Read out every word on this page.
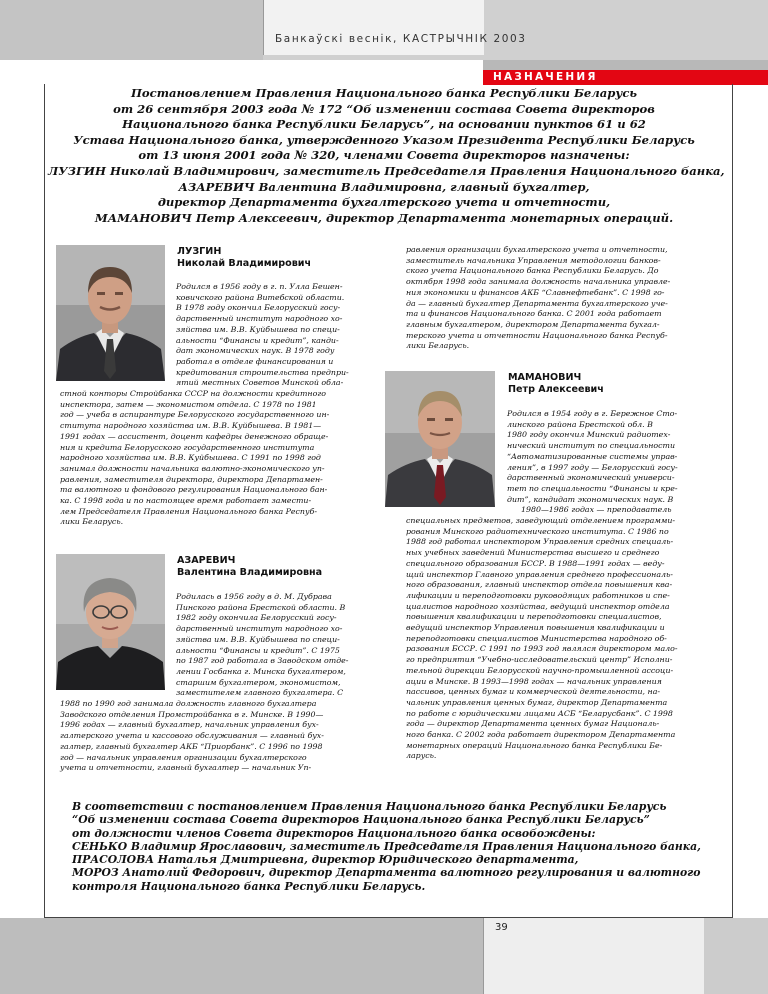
Банкаўскі веснік, КАСТРЫЧНІК 2003
НАЗНАЧЕНИЯ
Постановлением Правления Национального банка Республики Беларусь
от 26 сентября 2003 года № 172 “Об изменении состава Совета директоров
Национального банка Республики Беларусь”, на основании пунктов 61 и 62
Устава Национального банка, утвержденного Указом Президента Республики Беларусь
от 13 июня 2001 года № 320, членами Совета директоров назначены:
ЛУЗГИН Николай Владимирович, заместитель Председателя Правления Национального банка,
АЗАРЕВИЧ Валентина Владимировна, главный бухгалтер,
директор Департамента бухгалтерского учета и отчетности,
МАМАНОВИЧ Петр Алексеевич, директор Департамента монетарных операций.
ЛУЗГИН
Николай Владимирович
Родился в 1956 году в г. п. Улла Бешен-
ковичского района Витебской области.
В 1978 году окончил Белорусский госу-
дарственный институт народного хо-
зяйства им. В.В. Куйбышева по специ-
альности “Финансы и кредит”, канди-
дат экономических наук. В 1978 году
работал в отделе финансирования и
кредитования строительства предпри-
ятий местных Советов Минской обла-
стной конторы Стройбанка СССР на должности кредитного
инспектора, затем — экономистом отдела. С 1978 по 1981
год — учеба в аспирантуре Белорусского государственного ин-
ститута народного хозяйства им. В.В. Куйбышева. В 1981—
1991 годах — ассистент, доцент кафедры денежного обраще-
ния и кредита Белорусского государственного института
народного хозяйства им. В.В. Куйбышева. С 1991 по 1998 год
занимал должности начальника валютно-экономического уп-
равления, заместителя директора, директора Департамен-
та валютного и фондового регулирования Национального бан-
ка. С 1998 года и по настоящее время работает замести-
лем Председателя Правления Национального банка Респуб-
лики Беларусь.
АЗАРЕВИЧ
Валентина Владимировна
Родилась в 1956 году в д. М. Дубрава
Пинского района Брестской области. В
1982 году окончила Белорусский госу-
дарственный институт народного хо-
зяйства им. В.В. Куйбышева по специ-
альности “Финансы и кредит”. С 1975
по 1987 год работала в Заводском отде-
лении Госбанка г. Минска бухгалтером,
старшим бухгалтером, экономистом,
заместителем главного бухгалтера. С
1988 по 1990 год занимала должность главного бухгалтера
Заводского отделения Промстройбанка в г. Минске. В 1990—
1996 годах — главный бухгалтер, начальник управления бух-
галтерского учета и кассового обслуживания — главный бух-
галтер, главный бухгалтер АКБ “Приорбанк”. С 1996 по 1998
год — начальник управления организации бухгалтерского
учета и отчетности, главный бухгалтер — начальник Уп-
равления организации бухгалтерского учета и отчетности,
заместитель начальника Управления методологии банков-
ского учета Национального банка Республики Беларусь. До
октября 1998 года занимала должность начальника управле-
ния экономики и финансов АКБ “Славнефтебанк”. С 1998 го-
да — главный бухгалтер Департамента бухгалтерского уче-
та и финансов Национального банка. С 2001 года работает
главным бухгалтером, директором Департамента бухгал-
терского учета и отчетности Национального банка Респуб-
лики Беларусь.
МАМАНОВИЧ
Петр Алексеевич
Родился в 1954 году в г. Бережное Сто-
линского района Брестской обл. В
1980 году окончил Минский радиотех-
нический институт по специальности
“Автоматизированные системы управ-
ления”, в 1997 году — Белорусский госу-
дарственный экономический универси-
тет по специальности “Финансы и кре-
дит”, кандидат экономических наук. В
1980—1986 годах — преподаватель
специальных предметов, заведующий отделением программи-
рования Минского радиотехнического института. С 1986 по
1988 год работал инспектором Управления средних специаль-
ных учебных заведений Министерства высшего и среднего
специального образования БССР. В 1988—1991 годах — веду-
щий инспектор Главного управления среднего профессиональ-
ного образования, главный инспектор отдела повышения ква-
лификации и переподготовки руководящих работников и спе-
циалистов народного хозяйства, ведущий инспектор отдела
повышения квалификации и переподготовки специалистов,
ведущий инспектор Управления повышения квалификации и
переподготовки специалистов Министерства народного об-
разования БССР. С 1991 по 1993 год являлся директором мало-
го предприятия “Учебно-исследовательский центр” Исполни-
тельной дирекции Белорусской научно-промышленной ассоци-
ации в Минске. В 1993—1998 годах — начальник управления
пассивов, ценных бумаг и коммерческой деятельности, на-
чальник управления ценных бумаг, директор Департамента
по работе с юридическими лицами АСБ “Беларусбанк”. С 1998
года — директор Департамента ценных бумаг Националь-
ного банка. С 2002 года работает директором Департамента
монетарных операций Национального банка Республики Бе-
ларусь.
В соответствии с постановлением Правления Национального банка Республики Беларусь
“Об изменении состава Совета директоров Национального банка Республики Беларусь”
от должности членов Совета директоров Национального банка освобождены:
СЕНЬКО Владимир Ярославович, заместитель Председателя Правления Национального банка,
ПРАСОЛОВА Наталья Дмитриевна, директор Юридического департамента,
МОРОЗ Анатолий Федорович, директор Департамента валютного регулирования и валютного
контроля Национального банка Республики Беларусь.
39
